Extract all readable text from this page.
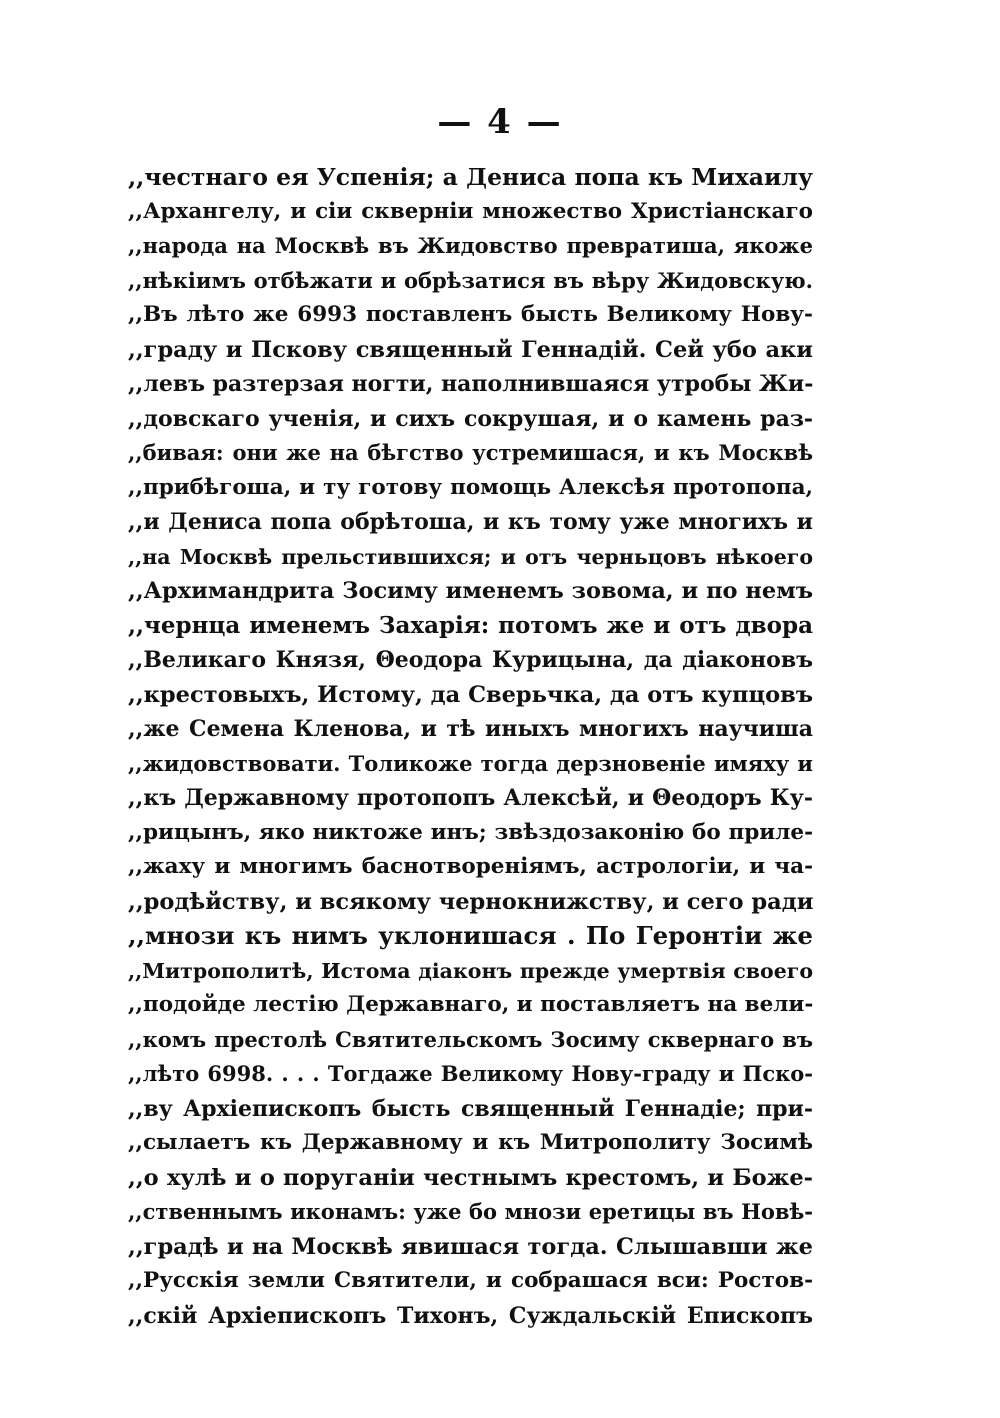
— 4 —
,,честнаго ея Успенія; а Дениса попа къ Михаилу
,,Архангелу, и сіи скверніи множество Христіанскаго
,,народа на Москвѣ въ Жидовство превратиша, якоже
,,нѣкіимъ отбѣжати и обрѣзатися въ вѣру Жидовскую.
,,Въ лѣто же 6993 поставленъ бысть Великому Нову-
,,граду и Пскову священный Геннадій. Сей убо аки
,,левъ разтерзая ногти, наполнившаяся утробы Жи-
,,довскаго ученія, и сихъ сокрушая, и о камень раз-
,,бивая: они же на бѣгство устремишася, и къ Москвѣ
,,прибѣгоша, и ту готову помощь Алексѣя протопопа,
,,и Дениса попа обрѣтоша, и къ тому уже многихъ и
,,на Москвѣ прельстившихся; и отъ черньцовъ нѣкоего
,,Архимандрита Зосиму именемъ зовома, и по немъ
,,чернца именемъ Захарія: потомъ же и отъ двора
,,Великаго Князя, Θеодора Курицына, да діаконовъ
,,крестовыхъ, Истому, да Сверьчка, да отъ купцовъ
,,же Семена Кленова, и тѣ иныхъ многихъ научиша
,,жидовствовати. Толикоже тогда дерзновеніе имяху и
,,къ Державному протопопъ Алексѣй, и Θеодоръ Ку-
,,рицынъ, яко никтоже инъ; звѣздозаконію бо приле-
,,жаху и многимъ баснотвореніямъ, астрологіи, и ча-
,,родѣйству, и всякому чернокнижству, и сего ради
,,мнози къ нимъ уклонишася . По Геронтіи же
,,Митрополитѣ, Истома діаконъ прежде умертвія своего
,,подойде лестію Державнаго, и поставляетъ на вели-
,,комъ престолѣ Святительскомъ Зосиму сквернаго въ
,,лѣто 6998. . . . Тогдаже Великому Нову-граду и Пско-
,,ву Архіепископъ бысть священный Геннадіе; при-
,,сылаетъ къ Державному и къ Митрополиту Зосимѣ
,,о хулѣ и о поруганіи честнымъ крестомъ, и Боже-
,,ственнымъ иконамъ: уже бо мнози еретицы въ Новѣ-
,,градѣ и на Москвѣ явишася тогда. Слышавши же
,,Русскія земли Святители, и собрашася вси: Ростов-
,,скій Архіепископъ Тихонъ, Суждальскій Епископъ
